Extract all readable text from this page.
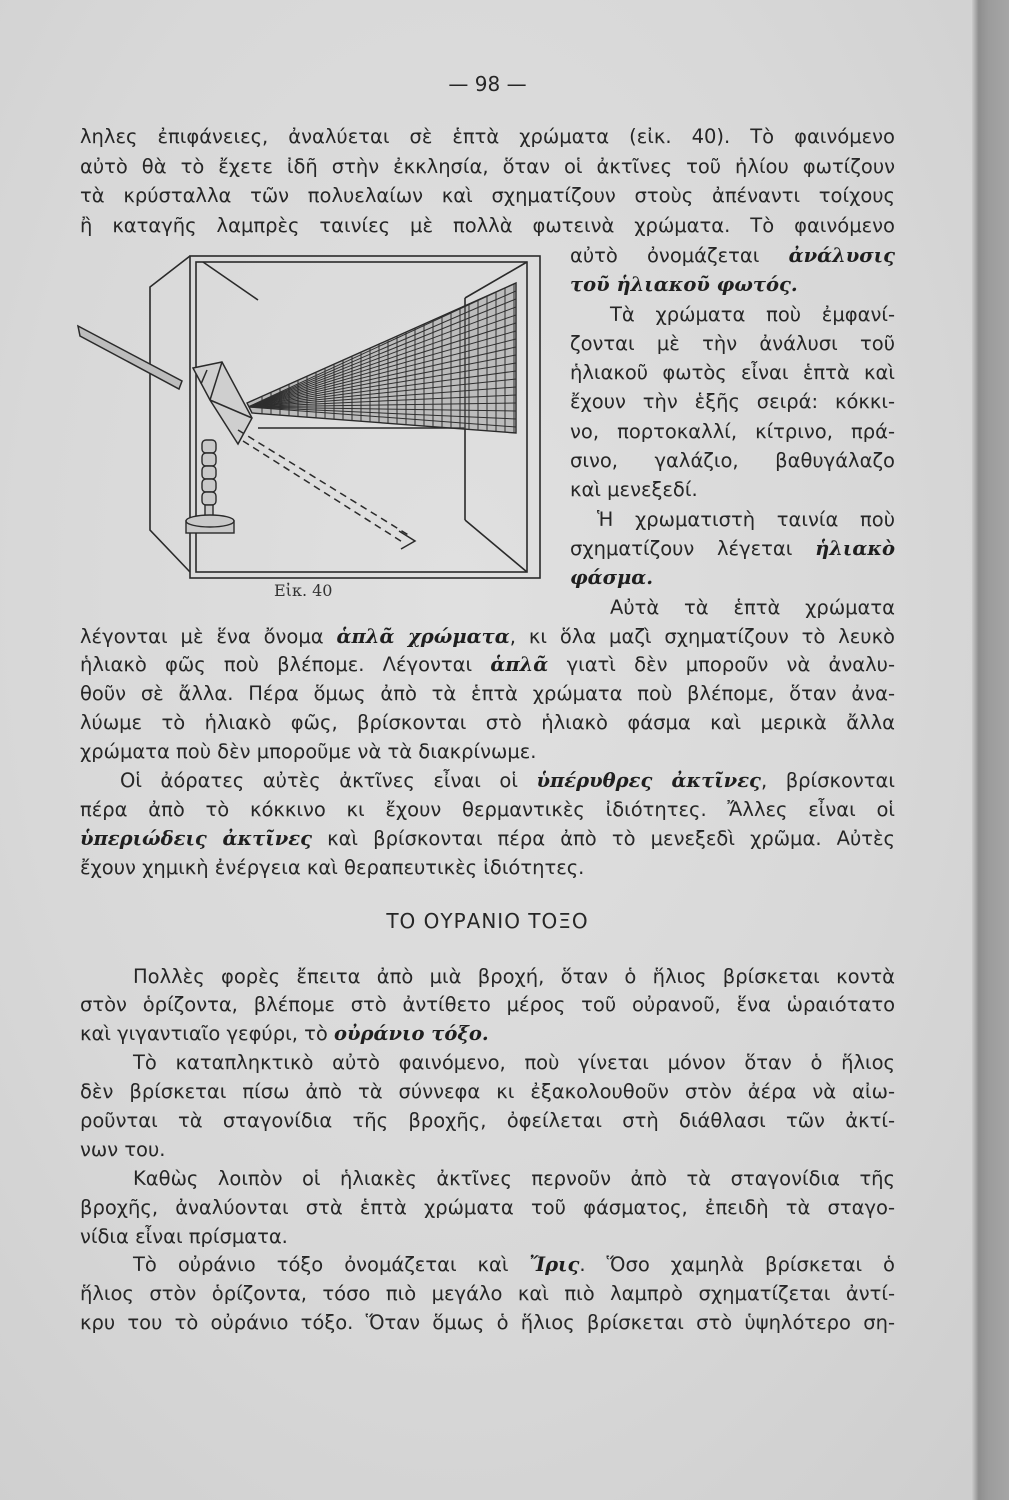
— 98 —
ληλες ἐπιφάνειες, ἀναλύεται σὲ ἑπτὰ χρώματα (εἰκ. 40). Τὸ φαινόμενο
αὐτὸ θὰ τὸ ἔχετε ἰδῆ στὴν ἐκκλησία, ὅταν οἱ ἀκτῖνες τοῦ ἡλίου φωτίζουν
τὰ κρύσταλλα τῶν πολυελαίων καὶ σχηματίζουν στοὺς ἀπέναντι τοίχους
ἢ καταγῆς λαμπρὲς ταινίες μὲ πολλὰ φωτεινὰ χρώματα. Τὸ φαινόμενο
Εἰκ. 40
αὐτὸ ὀνομάζεται ἀνάλυσις
τοῦ ἡλιακοῦ φωτός.
Τὰ χρώματα ποὺ ἐμφανί-
ζονται μὲ τὴν ἀνάλυσι τοῦ
ἡλιακοῦ φωτὸς εἶναι ἑπτὰ καὶ
ἔχουν τὴν ἑξῆς σειρά: κόκκι-
νο, πορτοκαλλί, κίτρινο, πρά-
σινο, γαλάζιο, βαθυγάλαζο
καὶ μενεξεδί.
Ἡ χρωματιστὴ ταινία ποὺ
σχηματίζουν λέγεται ἡλιακὸ
φάσμα.
Αὐτὰ τὰ ἑπτὰ χρώματα
λέγονται μὲ ἕνα ὄνομα ἁπλᾶ χρώματα, κι ὅλα μαζὶ σχηματίζουν τὸ λευκὸ
ἡλιακὸ φῶς ποὺ βλέπομε. Λέγονται ἁπλᾶ γιατὶ δὲν μποροῦν νὰ ἀναλυ-
θοῦν σὲ ἄλλα. Πέρα ὅμως ἀπὸ τὰ ἑπτὰ χρώματα ποὺ βλέπομε, ὅταν ἀνα-
λύωμε τὸ ἡλιακὸ φῶς, βρίσκονται στὸ ἡλιακὸ φάσμα καὶ μερικὰ ἄλλα
χρώματα ποὺ δὲν μποροῦμε νὰ τὰ διακρίνωμε.
Οἱ ἀόρατες αὐτὲς ἀκτῖνες εἶναι οἱ ὑπέρυθρες ἀκτῖνες, βρίσκονται
πέρα ἀπὸ τὸ κόκκινο κι ἔχουν θερμαντικὲς ἰδιότητες. Ἄλλες εἶναι οἱ
ὑπεριώδεις ἀκτῖνες καὶ βρίσκονται πέρα ἀπὸ τὸ μενεξεδὶ χρῶμα. Αὐτὲς
ἔχουν χημικὴ ἐνέργεια καὶ θεραπευτικὲς ἰδιότητες.
ΤΟ ΟΥΡΑΝΙΟ ΤΟΞΟ
Πολλὲς φορὲς ἔπειτα ἀπὸ μιὰ βροχή, ὅταν ὁ ἥλιος βρίσκεται κοντὰ
στὸν ὁρίζοντα, βλέπομε στὸ ἀντίθετο μέρος τοῦ οὐρανοῦ, ἕνα ὡραιότατο
καὶ γιγαντιαῖο γεφύρι, τὸ οὐράνιο τόξο.
Τὸ καταπληκτικὸ αὐτὸ φαινόμενο, ποὺ γίνεται μόνον ὅταν ὁ ἥλιος
δὲν βρίσκεται πίσω ἀπὸ τὰ σύννεφα κι ἐξακολουθοῦν στὸν ἀέρα νὰ αἰω-
ροῦνται τὰ σταγονίδια τῆς βροχῆς, ὀφείλεται στὴ διάθλασι τῶν ἀκτί-
νων του.
Καθὼς λοιπὸν οἱ ἡλιακὲς ἀκτῖνες περνοῦν ἀπὸ τὰ σταγονίδια τῆς
βροχῆς, ἀναλύονται στὰ ἑπτὰ χρώματα τοῦ φάσματος, ἐπειδὴ τὰ σταγο-
νίδια εἶναι πρίσματα.
Τὸ οὐράνιο τόξο ὀνομάζεται καὶ Ἴρις. Ὅσο χαμηλὰ βρίσκεται ὁ
ἥλιος στὸν ὁρίζοντα, τόσο πιὸ μεγάλο καὶ πιὸ λαμπρὸ σχηματίζεται ἀντί-
κρυ του τὸ οὐράνιο τόξο. Ὅταν ὅμως ὁ ἥλιος βρίσκεται στὸ ὑψηλότερο ση-
